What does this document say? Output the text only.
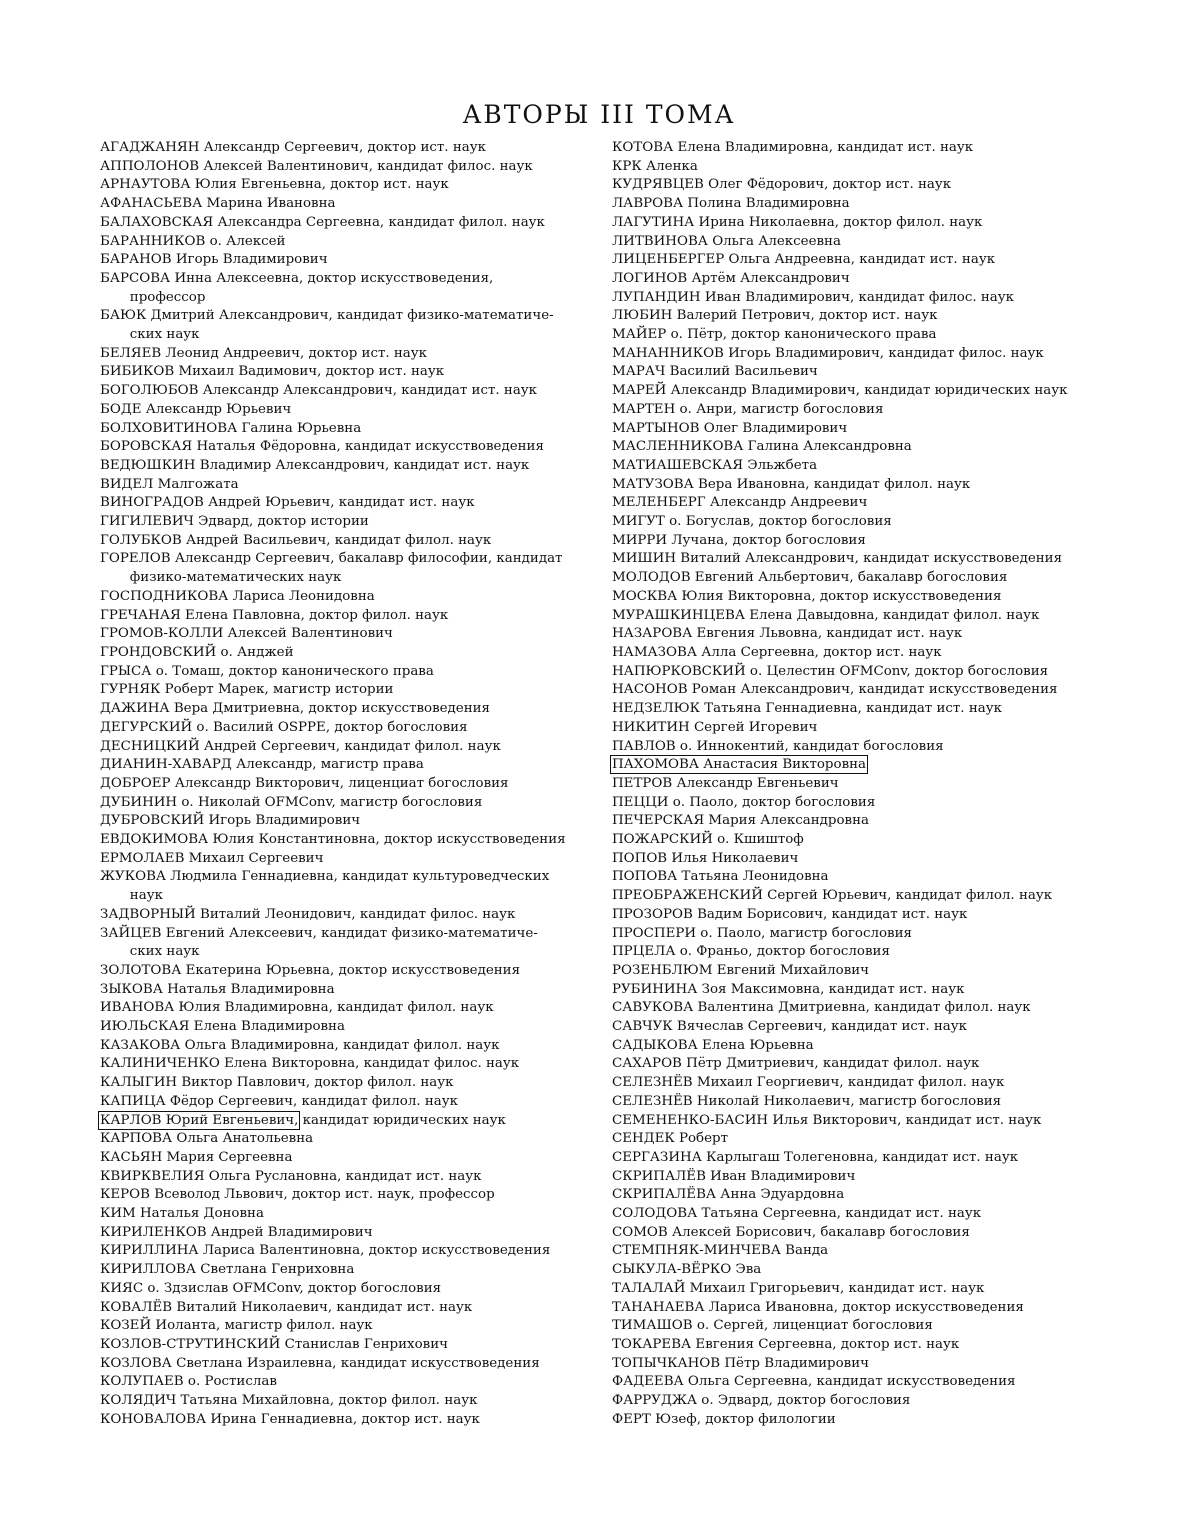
АВТОРЫ III ТОМА
АГАДЖАНЯН Александр Сергеевич, доктор ист. наук
АППОЛОНОВ Алексей Валентинович, кандидат филос. наук
АРНАУТОВА Юлия Евгеньевна, доктор ист. наук
АФАНАСЬЕВА Марина Ивановна
БАЛАХОВСКАЯ Александра Сергеевна, кандидат филол. наук
БАРАННИКОВ о. Алексей
БАРАНОВ Игорь Владимирович
БАРСОВА Инна Алексеевна, доктор искусствоведения,
профессор
БАЮК Дмитрий Александрович, кандидат физико-математиче-
ских наук
БЕЛЯЕВ Леонид Андреевич, доктор ист. наук
БИБИКОВ Михаил Вадимович, доктор ист. наук
БОГОЛЮБОВ Александр Александрович, кандидат ист. наук
БОДЕ Александр Юрьевич
БОЛХОВИТИНОВА Галина Юрьевна
БОРОВСКАЯ Наталья Фёдоровна, кандидат искусствоведения
ВЕДЮШКИН Владимир Александрович, кандидат ист. наук
ВИДЕЛ Малгожата
ВИНОГРАДОВ Андрей Юрьевич, кандидат ист. наук
ГИГИЛЕВИЧ Эдвард, доктор истории
ГОЛУБКОВ Андрей Васильевич, кандидат филол. наук
ГОРЕЛОВ Александр Сергеевич, бакалавр философии, кандидат
физико-математических наук
ГОСПОДНИКОВА Лариса Леонидовна
ГРЕЧАНАЯ Елена Павловна, доктор филол. наук
ГРОМОВ-КОЛЛИ Алексей Валентинович
ГРОНДОВСКИЙ о. Анджей
ГРЫСА о. Томаш, доктор канонического права
ГУРНЯК Роберт Марек, магистр истории
ДАЖИНА Вера Дмитриевна, доктор искусствоведения
ДЕГУРСКИЙ о. Василий OSPPE, доктор богословия
ДЕСНИЦКИЙ Андрей Сергеевич, кандидат филол. наук
ДИАНИН-ХАВАРД Александр, магистр права
ДОБРОЕР Александр Викторович, лиценциат богословия
ДУБИНИН о. Николай OFMConv, магистр богословия
ДУБРОВСКИЙ Игорь Владимирович
ЕВДОКИМОВА Юлия Константиновна, доктор искусствоведения
ЕРМОЛАЕВ Михаил Сергеевич
ЖУКОВА Людмила Геннадиевна, кандидат культуроведческих
наук
ЗАДВОРНЫЙ Виталий Леонидович, кандидат филос. наук
ЗАЙЦЕВ Евгений Алексеевич, кандидат физико-математиче-
ских наук
ЗОЛОТОВА Екатерина Юрьевна, доктор искусствоведения
ЗЫКОВА Наталья Владимировна
ИВАНОВА Юлия Владимировна, кандидат филол. наук
ИЮЛЬСКАЯ Елена Владимировна
КАЗАКОВА Ольга Владимировна, кандидат филол. наук
КАЛИНИЧЕНКО Елена Викторовна, кандидат филос. наук
КАЛЫГИН Виктор Павлович, доктор филол. наук
КАПИЦА Фёдор Сергеевич, кандидат филол. наук
КАРЛОВ Юрий Евгеньевич, кандидат юридических наук
КАРПОВА Ольга Анатольевна
КАСЬЯН Мария Сергеевна
КВИРКВЕЛИЯ Ольга Руслановна, кандидат ист. наук
КЕРОВ Всеволод Львович, доктор ист. наук, профессор
КИМ Наталья Доновна
КИРИЛЕНКОВ Андрей Владимирович
КИРИЛЛИНА Лариса Валентиновна, доктор искусствоведения
КИРИЛЛОВА Светлана Генриховна
КИЯС о. Здзислав OFMConv, доктор богословия
КОВАЛЁВ Виталий Николаевич, кандидат ист. наук
КОЗЕЙ Иоланта, магистр филол. наук
КОЗЛОВ-СТРУТИНСКИЙ Станислав Генрихович
КОЗЛОВА Светлана Израилевна, кандидат искусствоведения
КОЛУПАЕВ о. Ростислав
КОЛЯДИЧ Татьяна Михайловна, доктор филол. наук
КОНОВАЛОВА Ирина Геннадиевна, доктор ист. наук
КОТОВА Елена Владимировна, кандидат ист. наук
КРК Аленка
КУДРЯВЦЕВ Олег Фёдорович, доктор ист. наук
ЛАВРОВА Полина Владимировна
ЛАГУТИНА Ирина Николаевна, доктор филол. наук
ЛИТВИНОВА Ольга Алексеевна
ЛИЦЕНБЕРГЕР Ольга Андреевна, кандидат ист. наук
ЛОГИНОВ Артём Александрович
ЛУПАНДИН Иван Владимирович, кандидат филос. наук
ЛЮБИН Валерий Петрович, доктор ист. наук
МАЙЕР о. Пётр, доктор канонического права
МАНАННИКОВ Игорь Владимирович, кандидат филос. наук
МАРАЧ Василий Васильевич
МАРЕЙ Александр Владимирович, кандидат юридических наук
МАРТЕН о. Анри, магистр богословия
МАРТЫНОВ Олег Владимирович
МАСЛЕННИКОВА Галина Александровна
МАТИАШЕВСКАЯ Эльжбета
МАТУЗОВА Вера Ивановна, кандидат филол. наук
МЕЛЕНБЕРГ Александр Андреевич
МИГУТ о. Богуслав, доктор богословия
МИРРИ Лучана, доктор богословия
МИШИН Виталий Александрович, кандидат искусствоведения
МОЛОДОВ Евгений Альбертович, бакалавр богословия
МОСКВА Юлия Викторовна, доктор искусствоведения
МУРАШКИНЦЕВА Елена Давыдовна, кандидат филол. наук
НАЗАРОВА Евгения Львовна, кандидат ист. наук
НАМАЗОВА Алла Сергеевна, доктор ист. наук
НАПЮРКОВСКИЙ о. Целестин OFMConv, доктор богословия
НАСОНОВ Роман Александрович, кандидат искусствоведения
НЕДЗЕЛЮК Татьяна Геннадиевна, кандидат ист. наук
НИКИТИН Сергей Игоревич
ПАВЛОВ о. Иннокентий, кандидат богословия
ПАХОМОВА Анастасия Викторовна
ПЕТРОВ Александр Евгеньевич
ПЕЦЦИ о. Паоло, доктор богословия
ПЕЧЕРСКАЯ Мария Александровна
ПОЖАРСКИЙ о. Кшиштоф
ПОПОВ Илья Николаевич
ПОПОВА Татьяна Леонидовна
ПРЕОБРАЖЕНСКИЙ Сергей Юрьевич, кандидат филол. наук
ПРОЗОРОВ Вадим Борисович, кандидат ист. наук
ПРОСПЕРИ о. Паоло, магистр богословия
ПРЦЕЛА о. Франьо, доктор богословия
РОЗЕНБЛЮМ Евгений Михайлович
РУБИНИНА Зоя Максимовна, кандидат ист. наук
САВУКОВА Валентина Дмитриевна, кандидат филол. наук
САВЧУК Вячеслав Сергеевич, кандидат ист. наук
САДЫКОВА Елена Юрьевна
САХАРОВ Пётр Дмитриевич, кандидат филол. наук
СЕЛЕЗНЁВ Михаил Георгиевич, кандидат филол. наук
СЕЛЕЗНЁВ Николай Николаевич, магистр богословия
СЕМЕНЕНКО-БАСИН Илья Викторович, кандидат ист. наук
СЕНДЕК Роберт
СЕРГАЗИНА Карлыгаш Толегеновна, кандидат ист. наук
СКРИПАЛЁВ Иван Владимирович
СКРИПАЛЁВА Анна Эдуардовна
СОЛОДОВА Татьяна Сергеевна, кандидат ист. наук
СОМОВ Алексей Борисович, бакалавр богословия
СТЕМПНЯК-МИНЧЕВА Ванда
СЫКУЛА-ВЁРКО Эва
ТАЛАЛАЙ Михаил Григорьевич, кандидат ист. наук
ТАНАНАЕВА Лариса Ивановна, доктор искусствоведения
ТИМАШОВ о. Сергей, лиценциат богословия
ТОКАРЕВА Евгения Сергеевна, доктор ист. наук
ТОПЫЧКАНОВ Пётр Владимирович
ФАДЕЕВА Ольга Сергеевна, кандидат искусствоведения
ФАРРУДЖА о. Эдвард, доктор богословия
ФЕРТ Юзеф, доктор филологии
